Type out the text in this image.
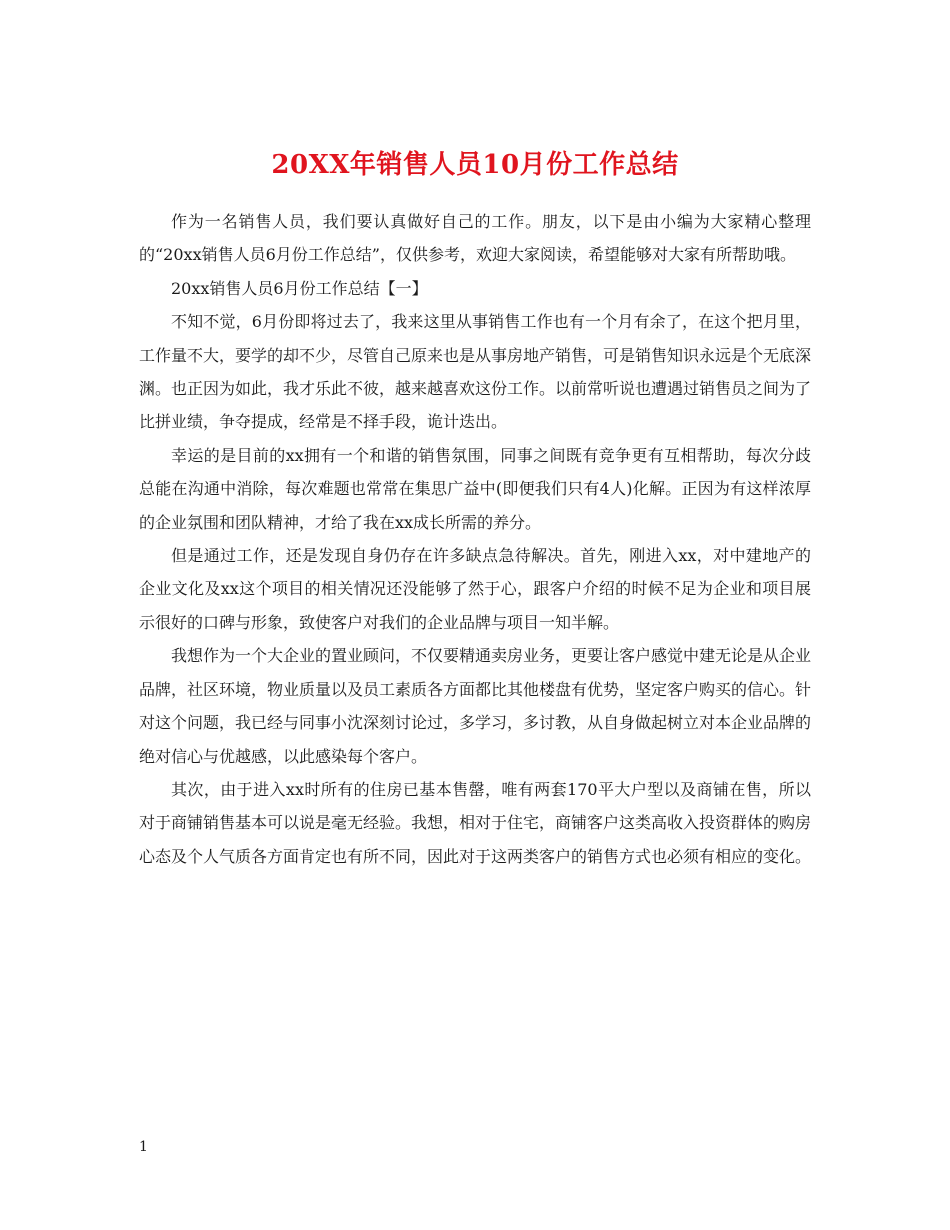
20XX年销售人员10月份工作总结

作为一名销售人员，我们要认真做好自己的工作。朋友，以下是由小编为大家精心整理的“20xx销售人员6月份工作总结”，仅供参考，欢迎大家阅读，希望能够对大家有所帮助哦。

20xx销售人员6月份工作总结【一】

不知不觉，6月份即将过去了，我来这里从事销售工作也有一个月有余了，在这个把月里，工作量不大，要学的却不少，尽管自己原来也是从事房地产销售，可是销售知识永远是个无底深渊。也正因为如此，我才乐此不彼，越来越喜欢这份工作。以前常听说也遭遇过销售员之间为了比拼业绩，争夺提成，经常是不择手段，诡计迭出。

幸运的是目前的xx拥有一个和谐的销售氛围，同事之间既有竞争更有互相帮助，每次分歧总能在沟通中消除，每次难题也常常在集思广益中(即便我们只有4人)化解。正因为有这样浓厚的企业氛围和团队精神，才给了我在xx成长所需的养分。

但是通过工作，还是发现自身仍存在许多缺点急待解决。首先，刚进入xx，对中建地产的企业文化及xx这个项目的相关情况还没能够了然于心，跟客户介绍的时候不足为企业和项目展示很好的口碑与形象，致使客户对我们的企业品牌与项目一知半解。

我想作为一个大企业的置业顾问，不仅要精通卖房业务，更要让客户感觉中建无论是从企业品牌，社区环境，物业质量以及员工素质各方面都比其他楼盘有优势，坚定客户购买的信心。针对这个问题，我已经与同事小沈深刻讨论过，多学习，多讨教，从自身做起树立对本企业品牌的绝对信心与优越感，以此感染每个客户。

其次，由于进入xx时所有的住房已基本售罄，唯有两套170平大户型以及商铺在售，所以对于商铺销售基本可以说是毫无经验。我想，相对于住宅，商铺客户这类高收入投资群体的购房心态及个人气质各方面肯定也有所不同，因此对于这两类客户的销售方式也必须有相应的变化。

1
